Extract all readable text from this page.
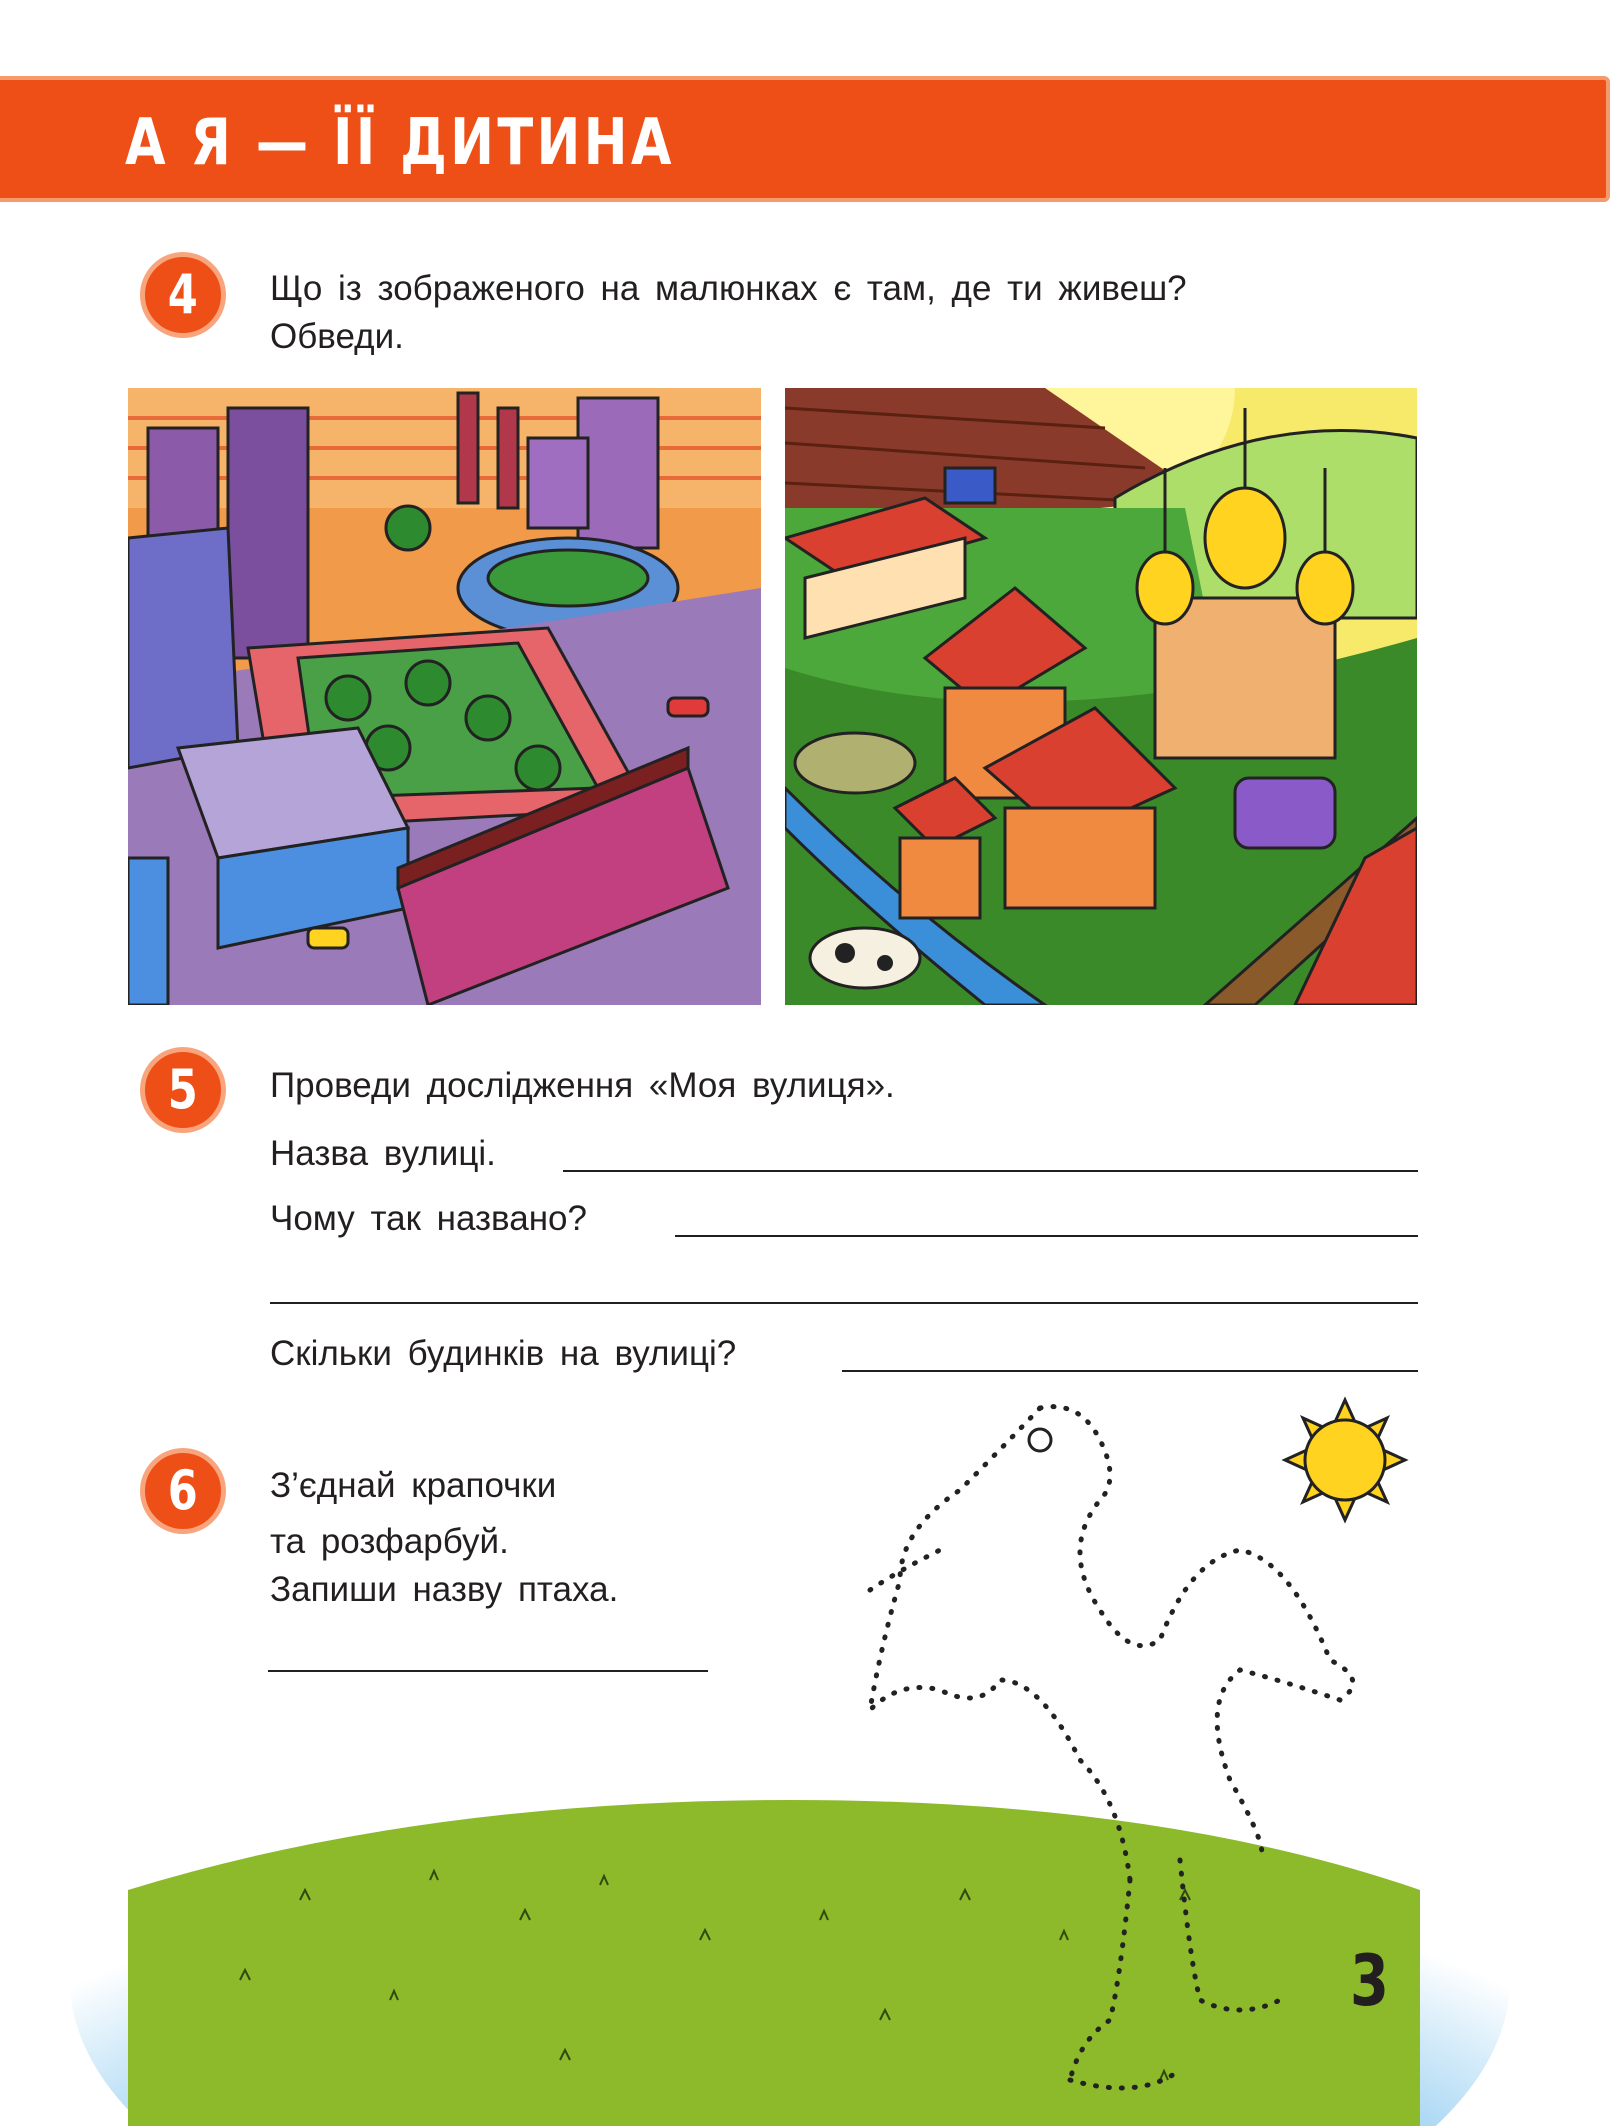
А Я — ЇЇ ДИТИНА
4	Що із зображеного на малюнках є там, де ти живеш?
Обведи.
5	Проведи дослідження «Моя вулиця».
Назва вулиці.
Чому так названо?
Скільки будинків на вулиці?
6	З’єднай крапочки
та розфарбуй.
Запиши назву птаха.
3
